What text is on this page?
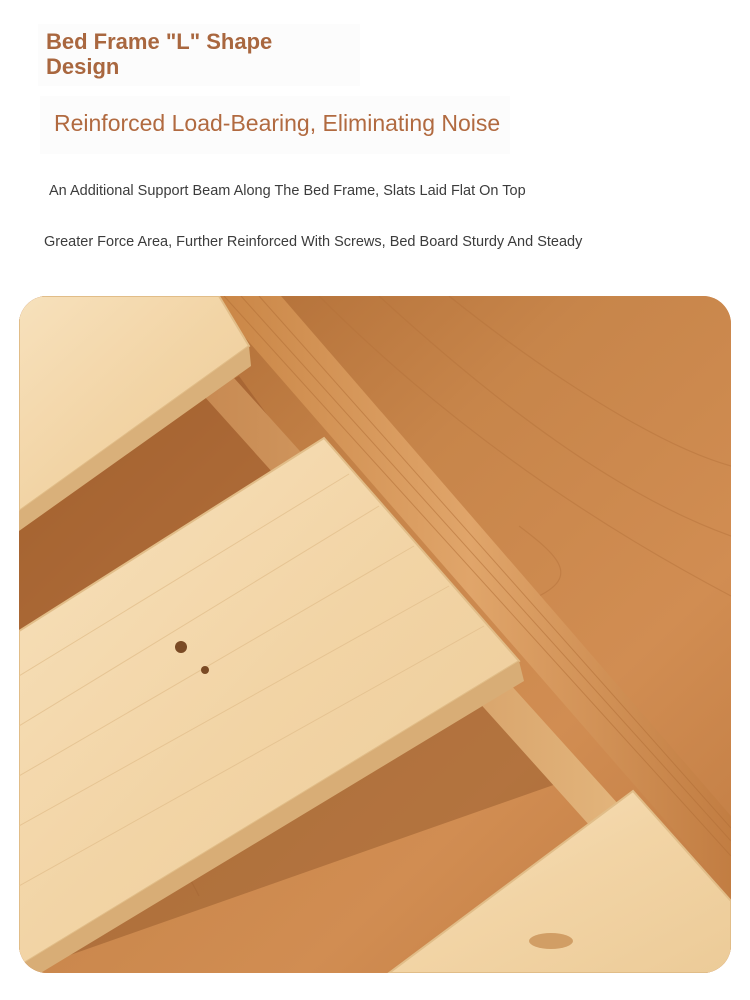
Bed Frame "L" Shape Design
Reinforced Load-Bearing, Eliminating Noise
An Additional Support Beam Along The Bed Frame, Slats Laid Flat On Top
Greater Force Area, Further Reinforced With Screws, Bed Board Sturdy And Steady
